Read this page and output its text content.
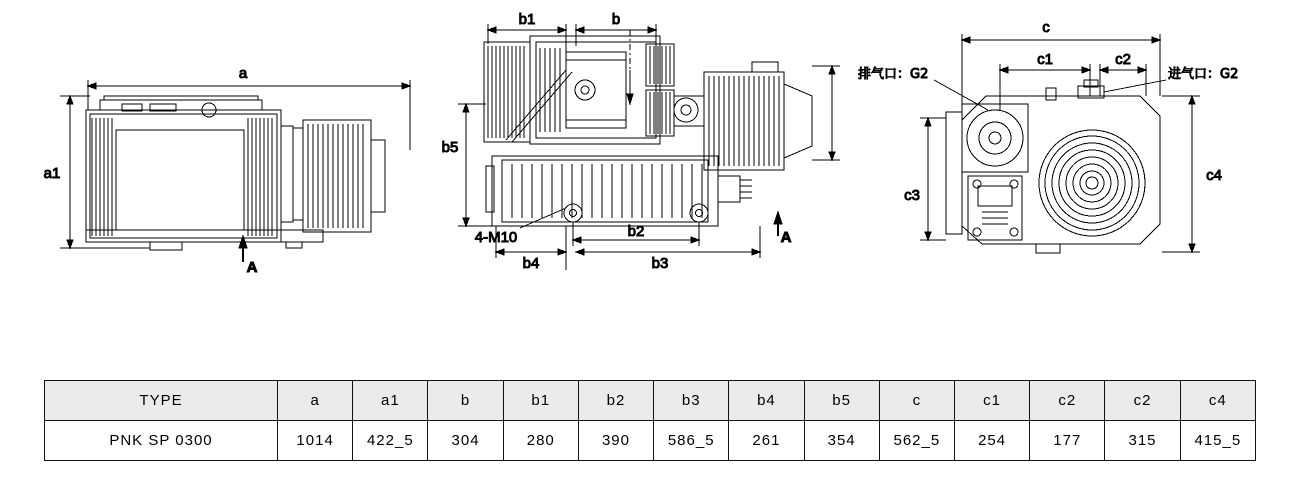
a
a1
A
b1	b
b5
b2
b3
b4
4-M10	A
c
c1	c2
c3
c4
排气口：G2	进气口：G2
TYPE	a	a1	b	b1	b2	b3	b4	b5	c	c1	c2	c2	c4
PNK SP 0300	1014	422_5	304	280	390	586_5	261	354	562_5	254	177	315	415_5
